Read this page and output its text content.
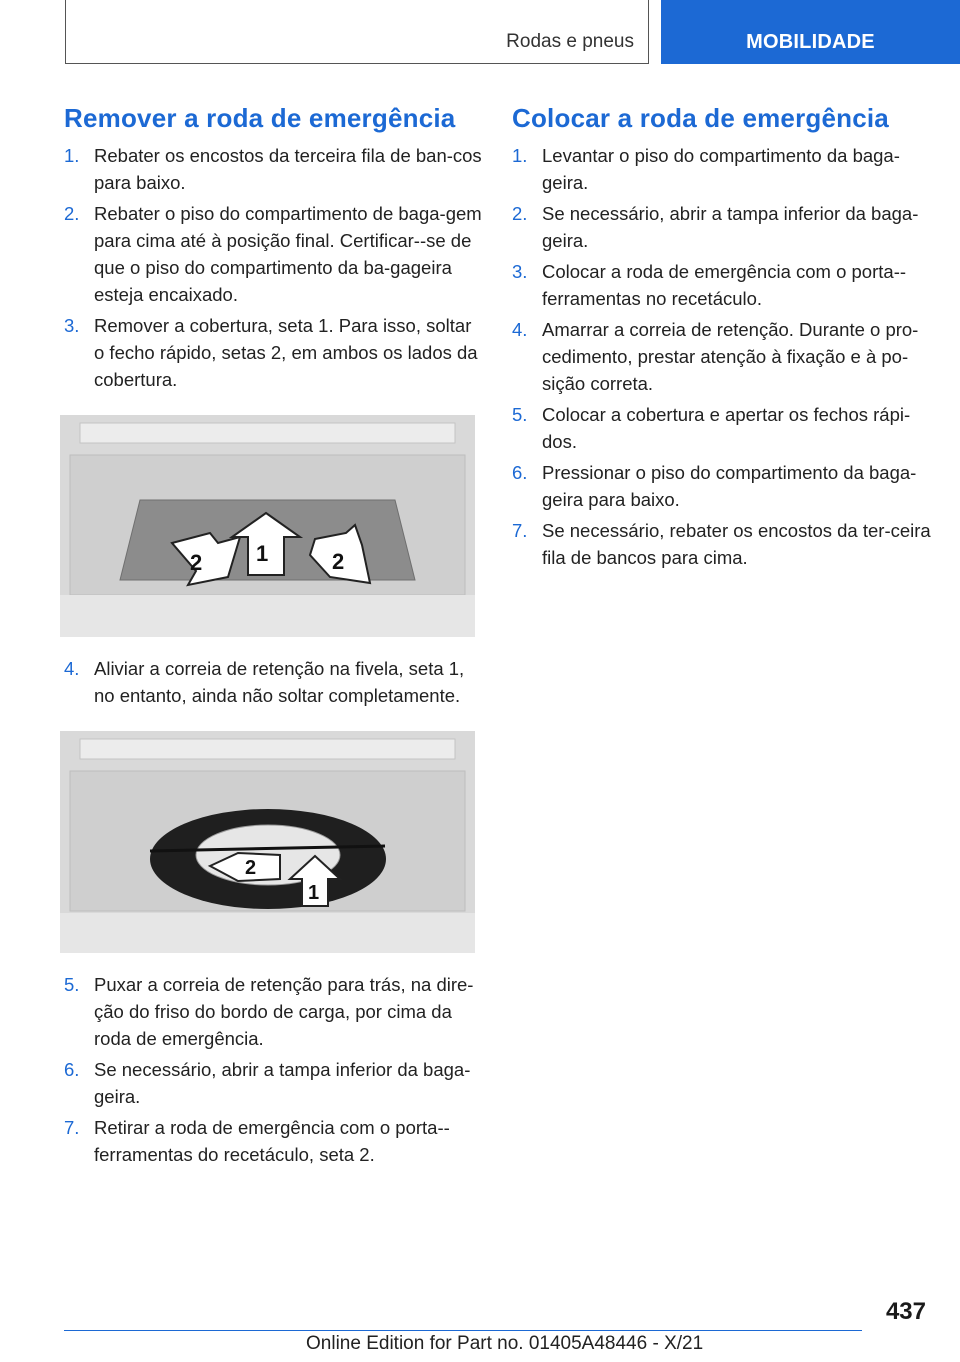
Rodas e pneus	MOBILIDADE
Remover a roda de emergência
1. Rebater os encostos da terceira fila de ban-cos para baixo.
2. Rebater o piso do compartimento de baga-gem para cima até à posição final. Certificar--se de que o piso do compartimento da ba-gageira esteja encaixado.
3. Remover a cobertura, seta 1. Para isso, soltar o fecho rápido, setas 2, em ambos os lados da cobertura.
2 1	2
4. Aliviar a correia de retenção na fivela, seta 1, no entanto, ainda não soltar completamente.
2
1
5. Puxar a correia de retenção para trás, na dire-ção do friso do bordo de carga, por cima da roda de emergência.
6. Se necessário, abrir a tampa inferior da baga-geira.
7. Retirar a roda de emergência com o porta--ferramentas do recetáculo, seta 2.
Colocar a roda de emergência
1. Levantar o piso do compartimento da baga-geira.
2. Se necessário, abrir a tampa inferior da baga-geira.
3. Colocar a roda de emergência com o porta--ferramentas no recetáculo.
4. Amarrar a correia de retenção. Durante o pro-cedimento, prestar atenção à fixação e à po-sição correta.
5. Colocar a cobertura e apertar os fechos rápi-dos.
6. Pressionar o piso do compartimento da baga-geira para baixo.
7. Se necessário, rebater os encostos da ter-ceira fila de bancos para cima.
437
Online Edition for Part no. 01405A48446 - X/21
